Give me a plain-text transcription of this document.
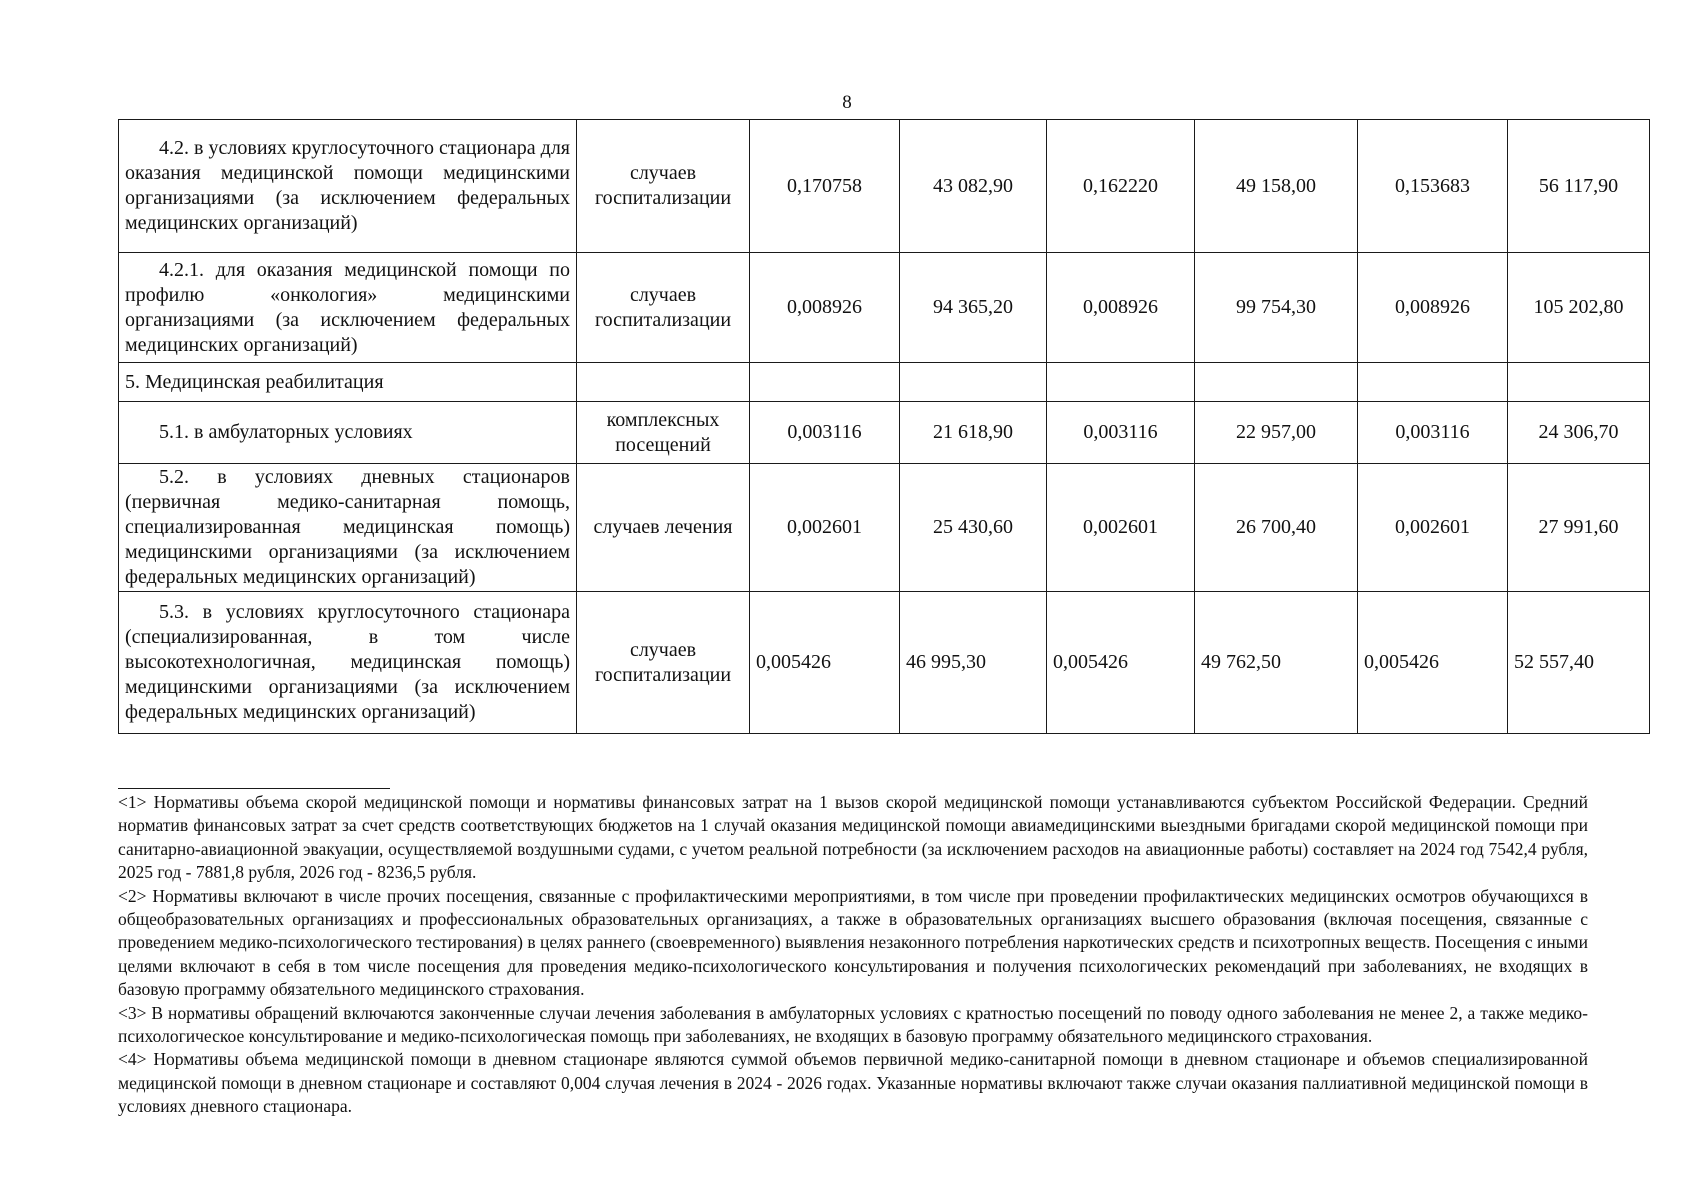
8
4.2. в условиях круглосуточного стационара для оказания медицинской помощи медицинскими организациями (за исключением федеральных медицинских организаций)	случаев госпитализации	0,170758	43 082,90	0,162220	49 158,00	0,153683	56 117,90
4.2.1. для оказания медицинской помощи по профилю «онкология» медицинскими организациями (за исключением федеральных медицинских организаций)	случаев госпитализации	0,008926	94 365,20	0,008926	99 754,30	0,008926	105 202,80
5. Медицинская реабилитация							
5.1. в амбулаторных условиях	комплексных посещений	0,003116	21 618,90	0,003116	22 957,00	0,003116	24 306,70
5.2. в условиях дневных стационаров (первичная медико-санитарная помощь, специализированная медицинская помощь) медицинскими организациями (за исключением федеральных медицинских организаций)	случаев лечения	0,002601	25 430,60	0,002601	26 700,40	0,002601	27 991,60
5.3. в условиях круглосуточного стационара (специализированная, в том числе высокотехнологичная, медицинская помощь) медицинскими организациями (за исключением федеральных медицинских организаций)	случаев госпитализации	0,005426	46 995,30	0,005426	49 762,50	0,005426	52 557,40

<1> Нормативы объема скорой медицинской помощи и нормативы финансовых затрат на 1 вызов скорой медицинской помощи устанавливаются субъектом Российской Федерации. Средний норматив финансовых затрат за счет средств соответствующих бюджетов на 1 случай оказания медицинской помощи авиамедицинскими выездными бригадами скорой медицинской помощи при санитарно-авиационной эвакуации, осуществляемой воздушными судами, с учетом реальной потребности (за исключением расходов на авиационные работы) составляет на 2024 год 7542,4 рубля, 2025 год - 7881,8 рубля, 2026 год - 8236,5 рубля.

<2> Нормативы включают в числе прочих посещения, связанные с профилактическими мероприятиями, в том числе при проведении профилактических медицинских осмотров обучающихся в общеобразовательных организациях и профессиональных образовательных организациях, а также в образовательных организациях высшего образования (включая посещения, связанные с проведением медико-психологического тестирования) в целях раннего (своевременного) выявления незаконного потребления наркотических средств и психотропных веществ. Посещения с иными целями включают в себя в том числе посещения для проведения медико-психологического консультирования и получения психологических рекомендаций при заболеваниях, не входящих в базовую программу обязательного медицинского страхования.

<3> В нормативы обращений включаются законченные случаи лечения заболевания в амбулаторных условиях с кратностью посещений по поводу одного заболевания не менее 2, а также медико-психологическое консультирование и медико-психологическая помощь при заболеваниях, не входящих в базовую программу обязательного медицинского страхования.

<4> Нормативы объема медицинской помощи в дневном стационаре являются суммой объемов первичной медико-санитарной помощи в дневном стационаре и объемов специализированной медицинской помощи в дневном стационаре и составляют 0,004 случая лечения в 2024 - 2026 годах. Указанные нормативы включают также случаи оказания паллиативной медицинской помощи в условиях дневного стационара.
